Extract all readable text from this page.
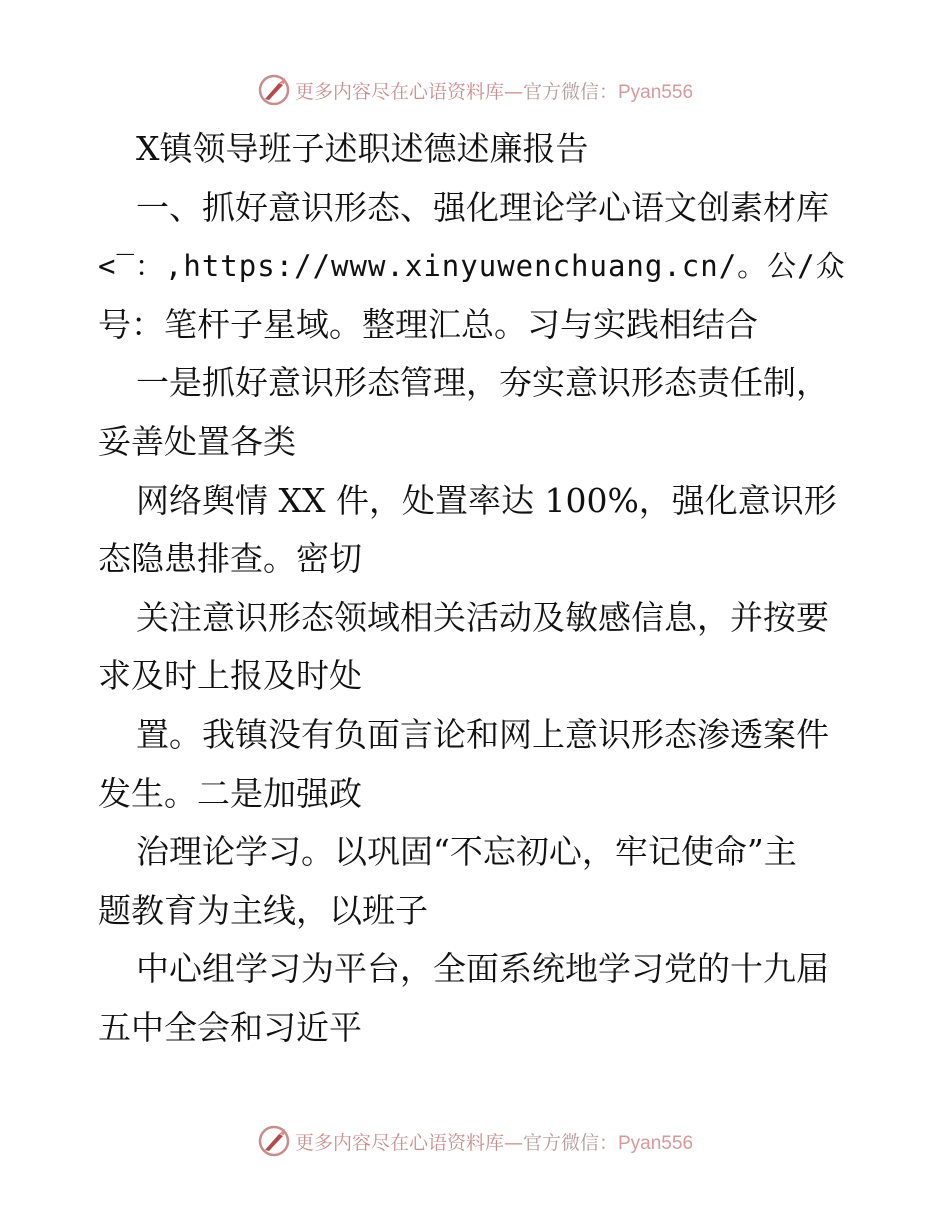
更多内容尽在心语资料库—官方微信：Pyan556
X镇领导班子述职述德述廉报告
一、抓好意识形态、强化理论学心语文创素材库
<‾：,https://www.xinyuwenchuang.cn/。公/众
号：笔杆子星域。整理汇总。习与实践相结合
一是抓好意识形态管理，夯实意识形态责任制，
妥善处置各类
网络舆情 XX 件，处置率达 100%，强化意识形
态隐患排查。密切
关注意识形态领域相关活动及敏感信息，并按要
求及时上报及时处
置。我镇没有负面言论和网上意识形态渗透案件
发生。二是加强政
治理论学习。以巩固“不忘初心，牢记使命”主
题教育为主线，以班子
中心组学习为平台，全面系统地学习党的十九届
五中全会和习近平
更多内容尽在心语资料库—官方微信：Pyan556
